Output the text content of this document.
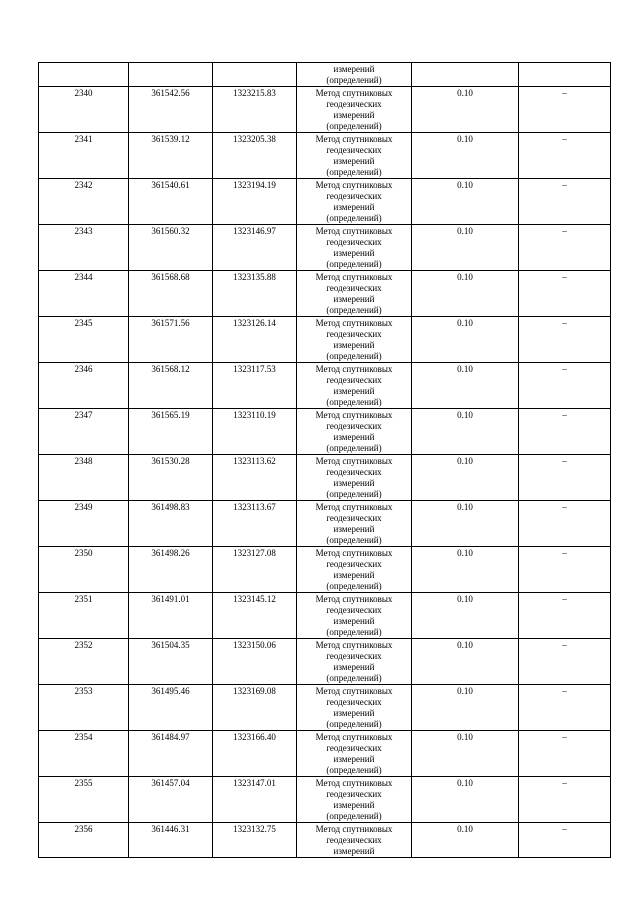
			измерений
(определений)		

2340	361542.56	1323215.83	Метод спутниковых
геодезических
измерений
(определений)	0.10	–

2341	361539.12	1323205.38	Метод спутниковых
геодезических
измерений
(определений)	0.10	–

2342	361540.61	1323194.19	Метод спутниковых
геодезических
измерений
(определений)	0.10	–

2343	361560.32	1323146.97	Метод спутниковых
геодезических
измерений
(определений)	0.10	–

2344	361568.68	1323135.88	Метод спутниковых
геодезических
измерений
(определений)	0.10	–

2345	361571.56	1323126.14	Метод спутниковых
геодезических
измерений
(определений)	0.10	–

2346	361568.12	1323117.53	Метод спутниковых
геодезических
измерений
(определений)	0.10	–

2347	361565.19	1323110.19	Метод спутниковых
геодезических
измерений
(определений)	0.10	–

2348	361530.28	1323113.62	Метод спутниковых
геодезических
измерений
(определений)	0.10	–

2349	361498.83	1323113.67	Метод спутниковых
геодезических
измерений
(определений)	0.10	–

2350	361498.26	1323127.08	Метод спутниковых
геодезических
измерений
(определений)	0.10	–

2351	361491.01	1323145.12	Метод спутниковых
геодезических
измерений
(определений)	0.10	–

2352	361504.35	1323150.06	Метод спутниковых
геодезических
измерений
(определений)	0.10	–

2353	361495.46	1323169.08	Метод спутниковых
геодезических
измерений
(определений)	0.10	–

2354	361484.97	1323166.40	Метод спутниковых
геодезических
измерений
(определений)	0.10	–

2355	361457.04	1323147.01	Метод спутниковых
геодезических
измерений
(определений)	0.10	–

2356	361446.31	1323132.75	Метод спутниковых
геодезических
измерений	0.10	–
